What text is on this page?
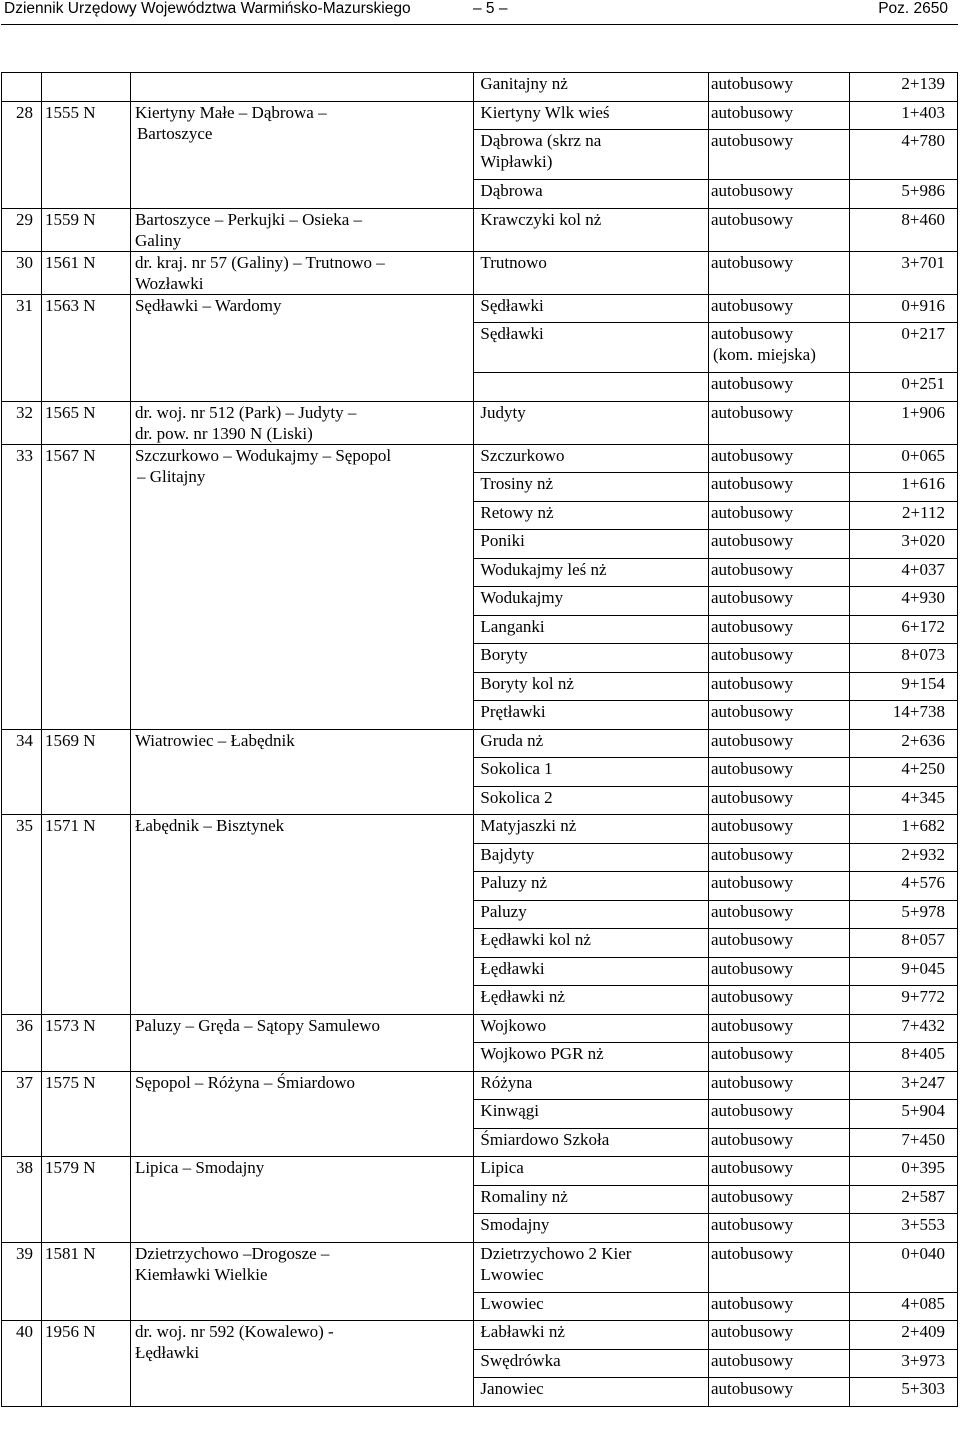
Dziennik Urzędowy Województwa Warmińsko-Mazurskiego	– 5 –	Poz. 2650

			Ganitajny nż	autobusowy	2+139
28	1555 N	Kiertyny Małe – Dąbrowa –
Bartoszyce	Kiertyny Wlk wieś	autobusowy	1+403

			Dąbrowa (skrz na
Wipławki)	autobusowy	4+780

			Dąbrowa	autobusowy	5+986
29	1559 N	Bartoszyce – Perkujki – Osieka –
Galiny	Krawczyki kol nż	autobusowy	8+460
30	1561 N	dr. kraj. nr 57 (Galiny) – Trutnowo –
Wozławki	Trutnowo	autobusowy	3+701
31	1563 N	Sędławki – Wardomy	Sędławki	autobusowy	0+916

			Sędławki	autobusowy
(kom. miejska)	0+217

				autobusowy	0+251
32	1565 N	dr. woj. nr 512 (Park) – Judyty –
dr. pow. nr 1390 N (Liski)	Judyty	autobusowy	1+906
33	1567 N	Szczurkowo – Wodukajmy – Sępopol
– Glitajny	Szczurkowo	autobusowy	0+065

			Trosiny nż	autobusowy	1+616

			Retowy nż	autobusowy	2+112

			Poniki	autobusowy	3+020

			Wodukajmy leś nż	autobusowy	4+037

			Wodukajmy	autobusowy	4+930

			Langanki	autobusowy	6+172

			Boryty	autobusowy	8+073

			Boryty kol nż	autobusowy	9+154

			Prętławki	autobusowy	14+738
34	1569 N	Wiatrowiec – Łabędnik	Gruda nż	autobusowy	2+636

			Sokolica 1	autobusowy	4+250

			Sokolica 2	autobusowy	4+345
35	1571 N	Łabędnik – Bisztynek	Matyjaszki nż	autobusowy	1+682

			Bajdyty	autobusowy	2+932

			Paluzy nż	autobusowy	4+576

			Paluzy	autobusowy	5+978

			Łędławki kol nż	autobusowy	8+057

			Łędławki	autobusowy	9+045

			Łędławki nż	autobusowy	9+772
36	1573 N	Paluzy – Gręda – Sątopy Samulewo	Wojkowo	autobusowy	7+432

			Wojkowo PGR nż	autobusowy	8+405
37	1575 N	Sępopol – Różyna – Śmiardowo	Różyna	autobusowy	3+247

			Kinwągi	autobusowy	5+904

			Śmiardowo Szkoła	autobusowy	7+450
38	1579 N	Lipica – Smodajny	Lipica	autobusowy	0+395

			Romaliny nż	autobusowy	2+587

			Smodajny	autobusowy	3+553
39	1581 N	Dzietrzychowo –Drogosze –
Kiemławki Wielkie	Dzietrzychowo 2 Kier
Lwowiec	autobusowy	0+040

			Lwowiec	autobusowy	4+085
40	1956 N	dr. woj. nr 592 (Kowalewo) -
Łędławki	Łabławki nż	autobusowy	2+409

			Swędrówka	autobusowy	3+973

			Janowiec	autobusowy	5+303
